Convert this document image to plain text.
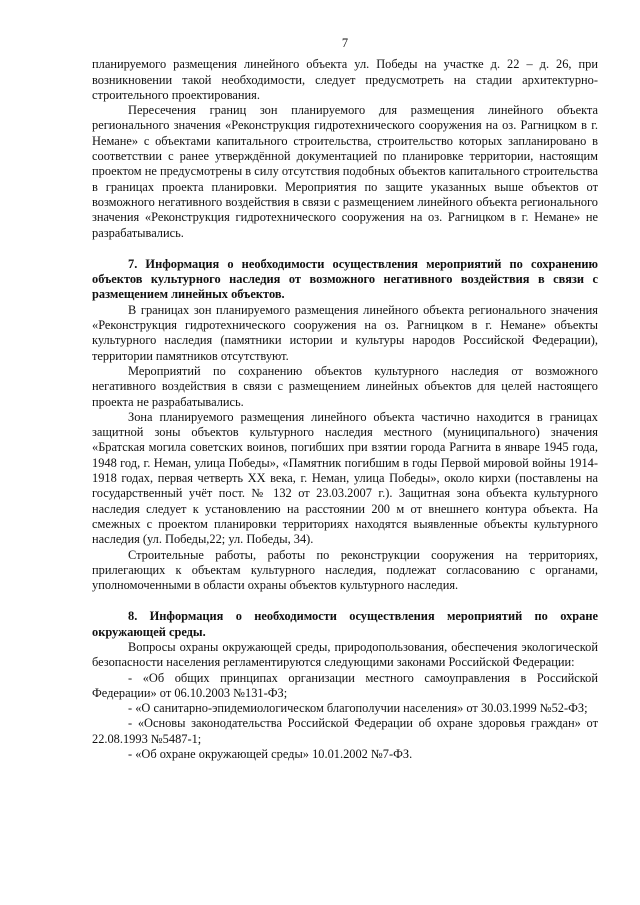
7

планируемого размещения линейного объекта ул. Победы на участке д. 22 – д. 26, при возникновении такой необходимости, следует предусмотреть на стадии архитектурно-строительного проектирования.

Пересечения границ зон планируемого для размещения линейного объекта регионального значения «Реконструкция гидротехнического сооружения на оз. Рагницком в г. Немане» с объектами капитального строительства, строительство которых запланировано в соответствии с ранее утверждённой документацией по планировке территории, настоящим проектом не предусмотрены в силу отсутствия подобных объектов капитального строительства в границах проекта планировки. Мероприятия по защите указанных выше объектов от возможного негативного воздействия в связи с размещением линейного объекта регионального значения «Реконструкция гидротехнического сооружения на оз. Рагницком в г. Немане» не разрабатывались.

7. Информация о необходимости осуществления мероприятий по сохранению объектов культурного наследия от возможного негативного воздействия в связи с размещением линейных объектов.

В границах зон планируемого размещения линейного объекта регионального значения «Реконструкция гидротехнического сооружения на оз. Рагницком в г. Немане» объекты культурного наследия (памятники истории и культуры народов Российской Федерации), территории памятников отсутствуют.

Мероприятий по сохранению объектов культурного наследия от возможного негативного воздействия в связи с размещением линейных объектов для целей настоящего проекта не разрабатывались.

Зона планируемого размещения линейного объекта частично находится в границах защитной зоны объектов культурного наследия местного (муниципального) значения «Братская могила советских воинов, погибших при взятии города Рагнита в январе 1945 года, 1948 год, г. Неман, улица Победы», «Памятник погибшим в годы Первой мировой войны 1914-1918 годах, первая четверть XX века, г. Неман, улица Победы», около кирхи (поставлены на государственный учёт пост. № 132 от 23.03.2007 г.). Защитная зона объекта культурного наследия следует к установлению на расстоянии 200 м от внешнего контура объекта. На смежных с проектом планировки территориях находятся выявленные объекты культурного наследия (ул. Победы,22; ул. Победы, 34).

Строительные работы, работы по реконструкции сооружения на территориях, прилегающих к объектам культурного наследия, подлежат согласованию с органами, уполномоченными в области охраны объектов культурного наследия.

8. Информация о необходимости осуществления мероприятий по охране окружающей среды.

Вопросы охраны окружающей среды, природопользования, обеспечения экологической безопасности населения регламентируются следующими законами Российской Федерации:

- «Об общих принципах организации местного самоуправления в Российской Федерации» от 06.10.2003 №131-ФЗ;

- «О санитарно-эпидемиологическом благополучии населения» от 30.03.1999 №52-ФЗ;

- «Основы законодательства Российской Федерации об охране здоровья граждан» от 22.08.1993 №5487-1;

- «Об охране окружающей среды» 10.01.2002 №7-ФЗ.
